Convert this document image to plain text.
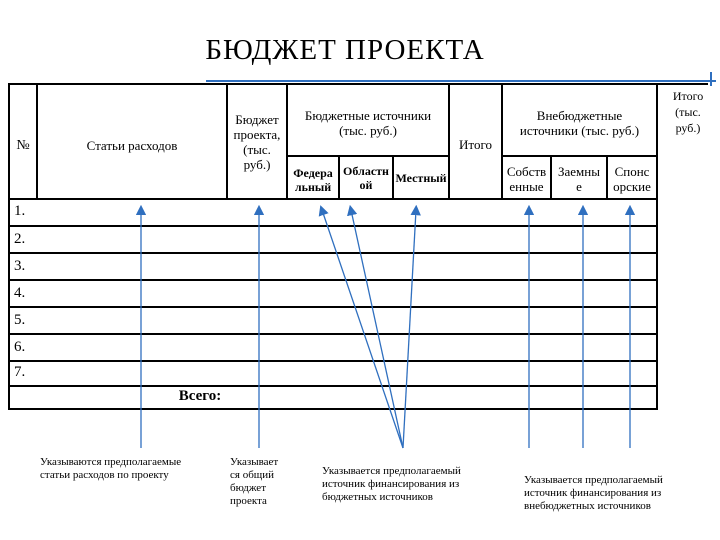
БЮДЖЕТ ПРОЕКТА
№	Статьи расходов
Бюджет
проекта,
(тыс.
руб.)
Бюджетные источники
(тыс. руб.)
Федера
льный
Областн
ой	Местный
Итого
Внебюджетные
источники (тыс. руб.)
Собств
енные
Заемны
е
Спонс
орские
Итого
(тыс.
руб.)
1.
2.
3.
4.
5.
6.
7.
Всего:
Указываются предполагаемые
статьи расходов по проекту
Указывает
ся общий
бюджет
проекта
Указывается предполагаемый
источник финансирования из
бюджетных источников
Указывается предполагаемый
источник финансирования из
внебюджетных источников
